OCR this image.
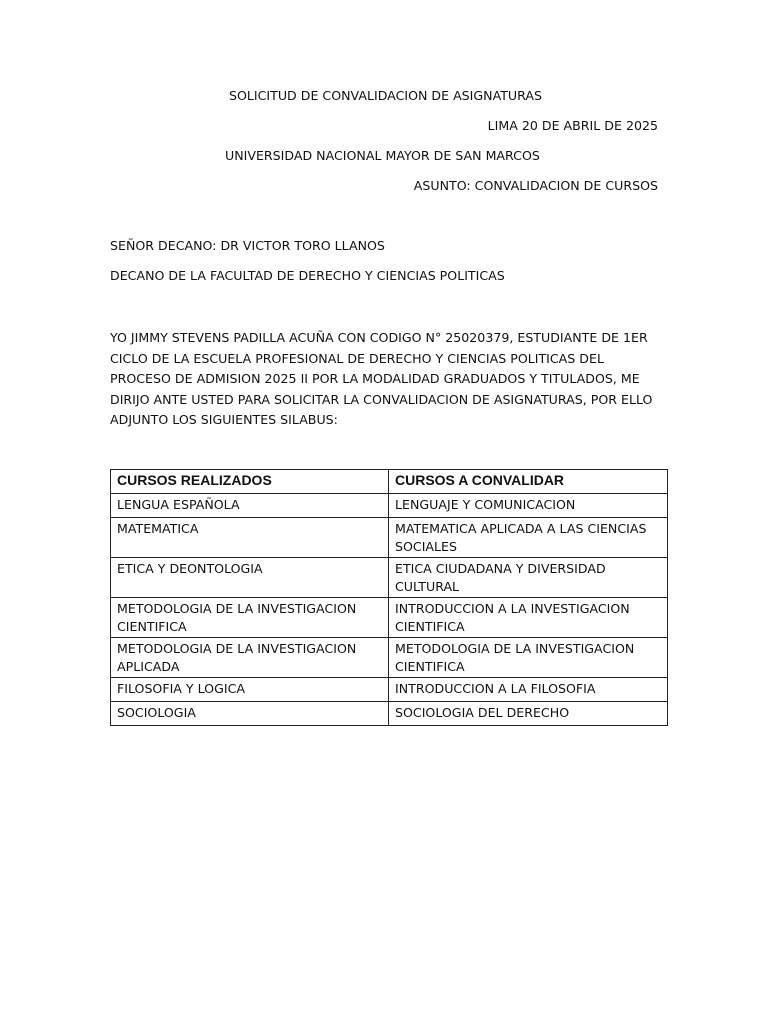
SOLICITUD DE CONVALIDACION DE ASIGNATURAS
LIMA 20 DE ABRIL DE 2025
UNIVERSIDAD NACIONAL MAYOR DE SAN MARCOS
ASUNTO: CONVALIDACION DE CURSOS
SEÑOR DECANO: DR VICTOR TORO LLANOS
DECANO DE LA FACULTAD DE DERECHO Y CIENCIAS POLITICAS
YO JIMMY STEVENS PADILLA ACUÑA CON CODIGO N° 25020379, ESTUDIANTE DE 1ER CICLO DE LA ESCUELA PROFESIONAL DE DERECHO Y CIENCIAS POLITICAS DEL PROCESO DE ADMISION 2025 II POR LA MODALIDAD GRADUADOS Y TITULADOS, ME DIRIJO ANTE USTED PARA SOLICITAR LA CONVALIDACION DE ASIGNATURAS, POR ELLO ADJUNTO LOS SIGUIENTES SILABUS:
CURSOS REALIZADOS	CURSOS A CONVALIDAR
LENGUA ESPAÑOLA	LENGUAJE Y COMUNICACION
MATEMATICA	MATEMATICA APLICADA A LAS CIENCIAS SOCIALES
ETICA Y DEONTOLOGIA	ETICA CIUDADANA Y DIVERSIDAD CULTURAL
METODOLOGIA DE LA INVESTIGACION CIENTIFICA	INTRODUCCION A LA INVESTIGACION CIENTIFICA
METODOLOGIA DE LA INVESTIGACION APLICADA	METODOLOGIA DE LA INVESTIGACION CIENTIFICA
FILOSOFIA Y LOGICA	INTRODUCCION A LA FILOSOFIA
SOCIOLOGIA	SOCIOLOGIA DEL DERECHO
